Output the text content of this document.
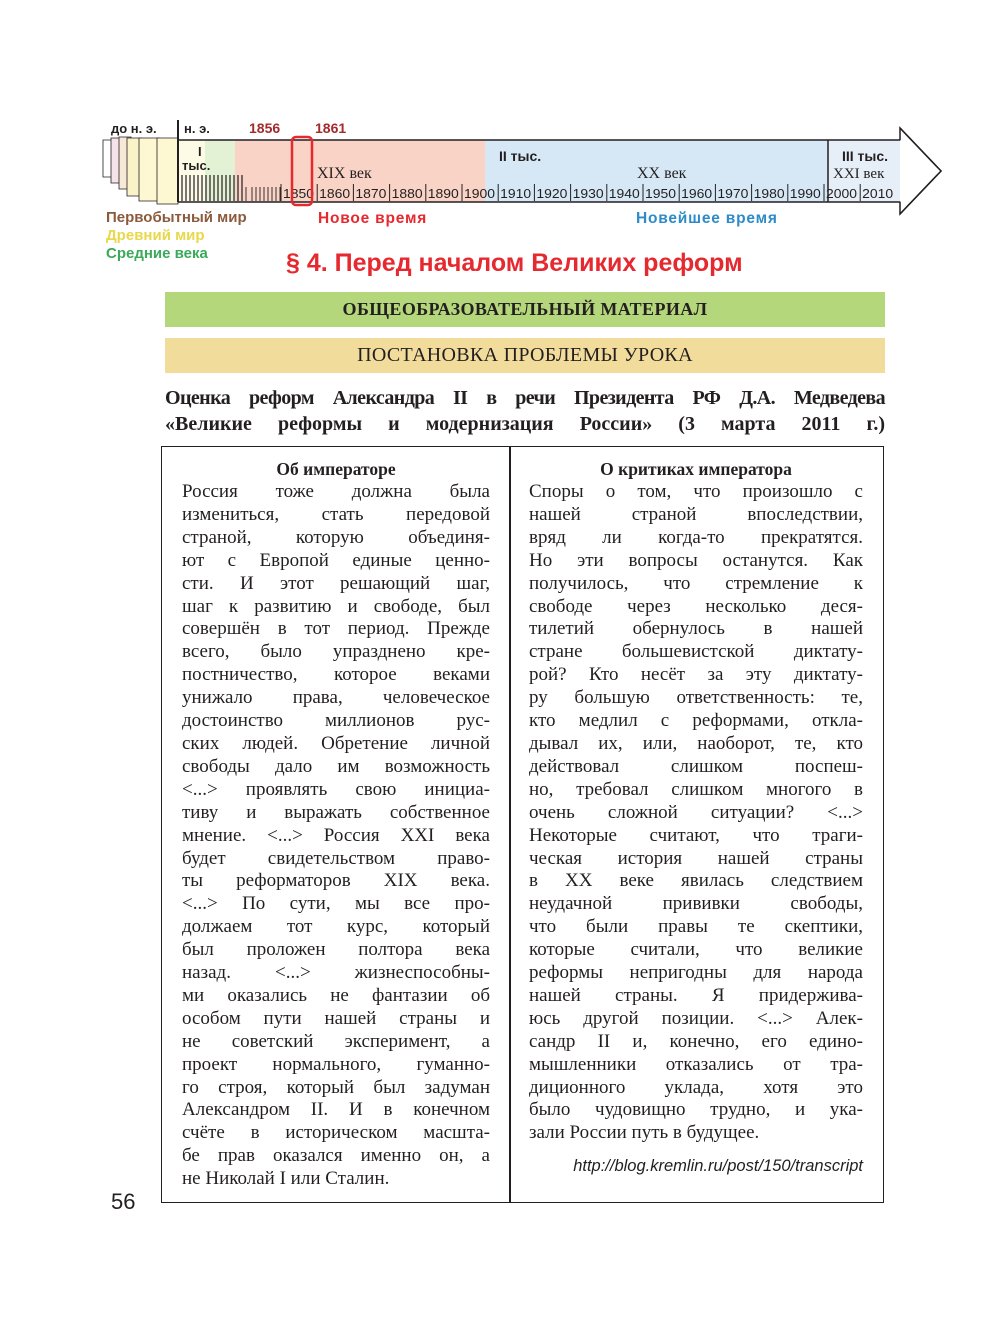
1850 1860 1870 1880 1890 1900 1910 1920 1930 1940 1950 1960 1970 1980 1990 2000 2010
до н. э. н. э.	1856 1861
I
тыс.	XIX век
II тыс.
XX век
III тыс.
XXI век
Новое время	Новейшее время
Первобытный мир
Древний мир
Средние века	§ 4. Перед началом Великих реформ
ОБЩЕОБРАЗОВАТЕЛЬНЫЙ МАТЕРИАЛ
ПОСТАНОВКА ПРОБЛЕМЫ УРОКА
Оценка реформ Александра II в речи Президента РФ Д.А. Медведева
«Великие реформы и модернизация России» (3 марта 2011 г.)
Об императоре
Россия тоже должна была
измениться, стать передовой
страной, которую объединя-
ют с Европой единые ценно-
сти. И этот решающий шаг,
шаг к развитию и свободе, был
совершён в тот период. Прежде
всего, было упразднено кре-
постничество, которое веками
унижало права, человеческое
достоинство миллионов рус-
ских людей. Обретение личной
свободы дало им возможность
<...> проявлять свою инициа-
тиву и выражать собственное
мнение. <...> Россия XXI века
будет свидетельством право-
ты реформаторов XIX века.
<...> По сути, мы все про-
должаем тот курс, который
был проложен полтора века
назад. <...> жизнеспособны-
ми оказались не фантазии об
особом пути нашей страны и
не советский эксперимент, а
проект нормального, гуманно-
го строя, который был задуман
Александром II. И в конечном
счёте в историческом масшта-
бе прав оказался именно он, а
не Николай I или Сталин.
О критиках императора
Споры о том, что произошло с
нашей страной впоследствии,
вряд ли когда-то прекратятся.
Но эти вопросы останутся. Как
получилось, что стремление к
свободе через несколько деся-
тилетий обернулось в нашей
стране большевистской диктату-
рой? Кто несёт за эту диктату-
ру большую ответственность: те,
кто медлил с реформами, откла-
дывал их, или, наоборот, те, кто
действовал слишком поспеш-
но, требовал слишком многого в
очень сложной ситуации? <...>
Некоторые считают, что траги-
ческая история нашей страны
в XX веке явилась следствием
неудачной прививки свободы,
что были правы те скептики,
которые считали, что великие
реформы непригодны для народа
нашей страны. Я придержива-
юсь другой позиции. <...> Алек-
сандр II и, конечно, его едино-
мышленники отказались от тра-
диционного уклада, хотя это
было чудовищно трудно, и ука-
зали России путь в будущее.
http://blog.kremlin.ru/post/150/transcript
56
